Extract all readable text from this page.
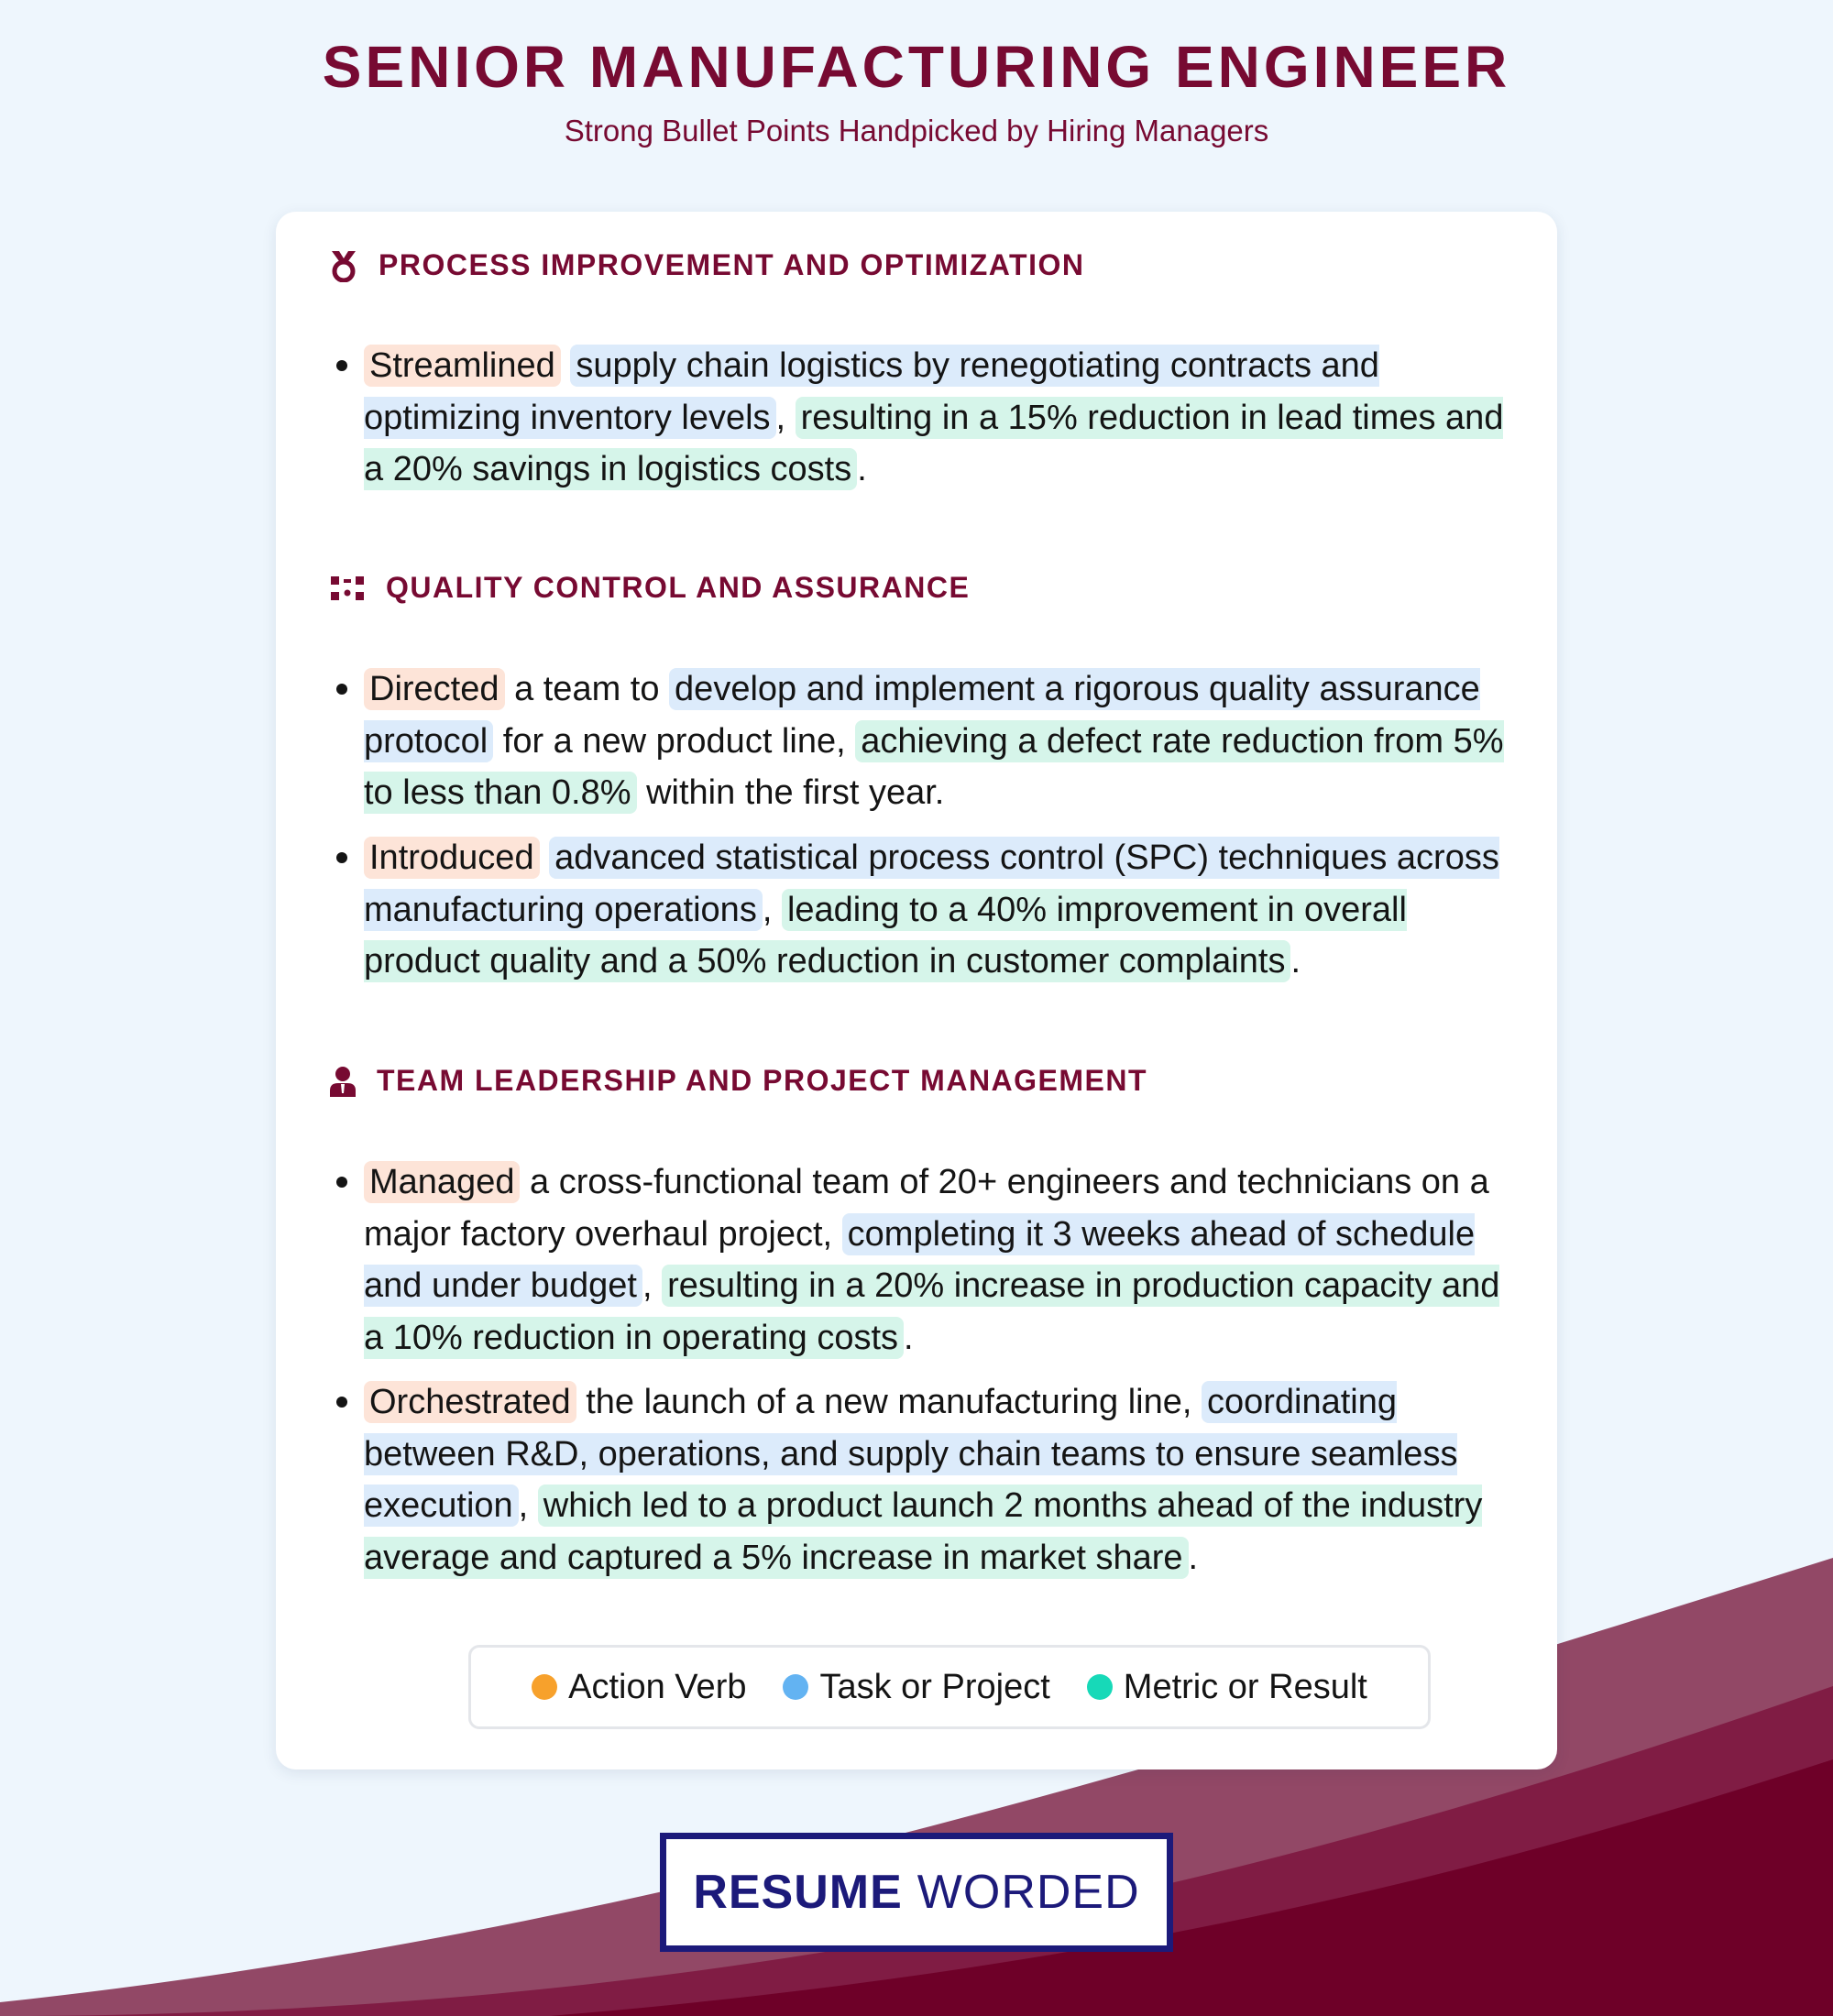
SENIOR MANUFACTURING ENGINEER
Strong Bullet Points Handpicked by Hiring Managers
PROCESS IMPROVEMENT AND OPTIMIZATION
Streamlined supply chain logistics by renegotiating contracts and optimizing inventory levels , resulting in a 15% reduction in lead times and a 20% savings in logistics costs .
QUALITY CONTROL AND ASSURANCE
Directed a team to develop and implement a rigorous quality assurance protocol for a new product line, achieving a defect rate reduction from 5% to less than 0.8% within the first year.
Introduced advanced statistical process control (SPC) techniques across manufacturing operations , leading to a 40% improvement in overall product quality and a 50% reduction in customer complaints .
TEAM LEADERSHIP AND PROJECT MANAGEMENT
Managed a cross-functional team of 20+ engineers and technicians on a major factory overhaul project, completing it 3 weeks ahead of schedule and under budget , resulting in a 20% increase in production capacity and a 10% reduction in operating costs .
Orchestrated the launch of a new manufacturing line, coordinating between R&D, operations, and supply chain teams to ensure seamless execution , which led to a product launch 2 months ahead of the industry average and captured a 5% increase in market share .
Action Verb Task or Project Metric or Result
RESUME WORDED
